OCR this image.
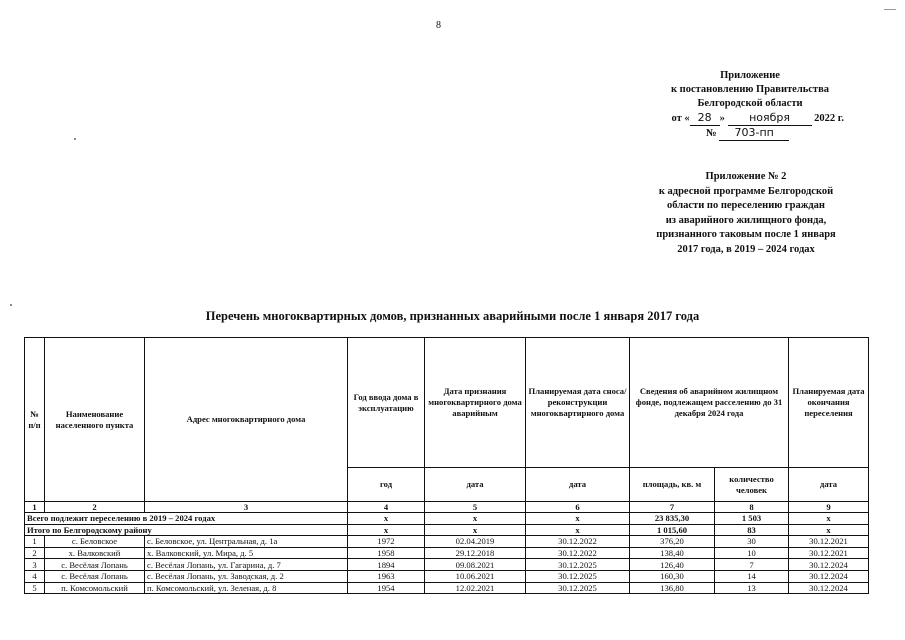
8
Приложение
к постановлению Правительства
Белгородской области
от « 28 » ноября 2022 г.
№ 703-пп
Приложение № 2
к адресной программе Белгородской
области по переселению граждан
из аварийного жилищного фонда,
признанного таковым после 1 января
2017 года, в 2019 – 2024 годах
Перечень многоквартирных домов, признанных аварийными после 1 января 2017 года
№ п/п	Наименование населенного пункта	Адрес многоквартирного дома	Год ввода дома в эксплуатацию	Дата признания многоквартирного дома аварийным	Планируемая дата сноса/ реконструкции многоквартирного дома	Сведения об аварийном жилищном фонде, подлежащем расселению до 31 декабря 2024 года		Планируемая дата окончания переселения
			год	дата	дата	площадь, кв. м	количество человек	дата
1	2	3	4	5	6	7	8	9
Всего подлежит переселению в 2019 – 2024 годах			х	х	х	23 835,30	1 503	х
Итого по Белгородскому району			х	х	х	1 015,60	83	х
1	с. Беловское	с. Беловское, ул. Центральная, д. 1а	1972	02.04.2019	30.12.2022	376,20	30	30.12.2021
2	х. Валковский	х. Валковский, ул. Мира, д. 5	1958	29.12.2018	30.12.2022	138,40	10	30.12.2021
3	с. Весёлая Лопань	с. Весёлая Лопань, ул. Гагарина, д. 7	1894	09.08.2021	30.12.2025	126,40	7	30.12.2024
4	с. Весёлая Лопань	с. Весёлая Лопань, ул. Заводская, д. 2	1963	10.06.2021	30.12.2025	160,30	14	30.12.2024
5	п. Комсомольский	п. Комсомольский, ул. Зеленая, д. 8	1954	12.02.2021	30.12.2025	136,80	13	30.12.2024
